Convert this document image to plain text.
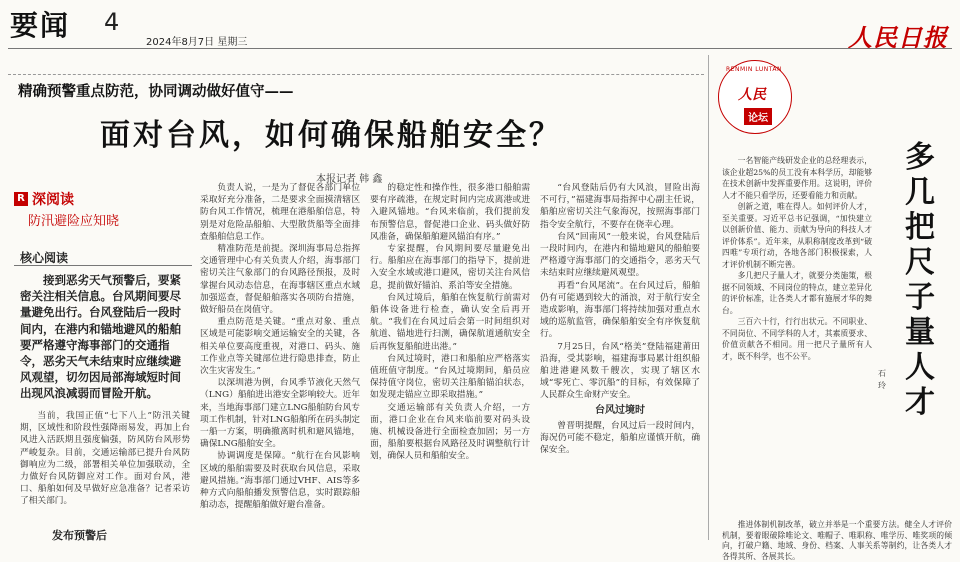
要闻 4
2024年8月7日 星期三	人民日报
精确预警重点防范，协同调动做好值守——
面对台风，如何确保船舶安全？
本报记者 韩 鑫
R 深阅读
防汛避险应知晓
核心阅读
接到恶劣天气预警后，要紧密关注相关信息。台风期间要尽量避免出行。台风登陆后一段时间内，在港内和锚地避风的船舶要严格遵守海事部门的交通指令，恶劣天气未结束时应继续避风观望，切勿因局部海域短时间出现风浪减弱而冒险开航。
当前，我国正值“七下八上”防汛关键期，区域性和阶段性强降雨易发，再加上台风进入活跃期且强度偏强，防风防台风形势严峻复杂。目前，交通运输部已提升台风防御响应为二级，部署相关单位加强联动，全力做好台风防御应对工作。面对台风，港口、船舶如何及早做好应急准备？记者采访了相关部门。
发布预警后

负责人说，一是为了督促各部门单位采取好充分准备，二是要求全面摸清辖区防台风工作情况，梳理在港船舶信息，特别是对危险品船舶、大型散货船等全面排查船舶信息工作。

精准防范是前提。深圳海事局总指挥交通管理中心有关负责人介绍，海事部门密切关注气象部门的台风路径预报，及时掌握台风动态信息，在海事辖区重点水域加强巡查，督促船舶落实各项防台措施，做好船员在岗值守。

重点防范是关键。“重点对象、重点区域是可能影响交通运输安全的关键，各相关单位要高度重视，对港口、码头、施工作业点等关键部位进行隐患排查，防止次生灾害发生。”

以深圳港为例，台风季节液化天然气（LNG）船舶进出港安全影响较大。近年来，当地海事部门建立LNG船舶防台风专项工作机制，针对LNG船舶所在码头制定一船一方案，明确撤离时机和避风锚地，确保LNG船舶安全。

协调调度是保障。“航行在台风影响区域的船舶需要及时获取台风信息，采取避风措施。”海事部门通过VHF、AIS等多种方式向船舶播发预警信息，实时跟踪船舶动态，提醒船舶做好避台准备。

的稳定性和操作性，很多港口船舶需要有序疏港，在规定时间内完成离港或进入避风锚地。“台风来临前，我们提前发布预警信息，督促港口企业、码头做好防风准备，确保船舶避风锚泊有序。”

专家提醒，台风期间要尽量避免出行。船舶应在海事部门的指导下，提前进入安全水域或港口避风，密切关注台风信息，提前做好锚泊、系泊等安全措施。

台风过境后，船舶在恢复航行前需对船体设备进行检查，确认安全后再开航。“我们在台风过后会第一时间组织对航道、锚地进行扫测，确保航道通航安全后再恢复船舶进出港。”

台风过境时，港口和船舶应严格落实值班值守制度。“台风过境期间，船员应保持值守岗位，密切关注船舶锚泊状态，如发现走锚应立即采取措施。”

交通运输部有关负责人介绍，一方面，港口企业在台风来临前要对码头设施、机械设备进行全面检查加固；另一方面，船舶要根据台风路径及时调整航行计划，确保人员和船舶安全。

“台风登陆后仍有大风浪，冒险出海不可行，”福建海事局指挥中心副主任说，船舶应密切关注气象海况，按照海事部门指令安全航行，不要存在侥幸心理。

台风“回南风”一般来说，台风登陆后一段时间内，在港内和锚地避风的船舶要严格遵守海事部门的交通指令，恶劣天气未结束时应继续避风观望。

再看“台风尾流”。在台风过后，船舶仍有可能遇到较大的涌浪，对于航行安全造成影响，海事部门将持续加强对重点水域的巡航监管，确保船舶安全有序恢复航行。

7月25日，台风“格美”登陆福建莆田沿海，受其影响，福建海事局累计组织船舶进港避风数千艘次，实现了辖区水域“零死亡、零沉船”的目标，有效保障了人民群众生命财产安全。

台风过境时

曾晋明提醒，台风过后一段时间内，海况仍可能不稳定，船舶应谨慎开航，确保安全。

RENMIN LUNTAN
人民
论坛
多几把尺子量人才
石 玲

一名智能产线研发企业的总经理表示，该企业超25%的员工没有本科学历，却能够在技术创新中发挥重要作用。这说明，评价人才不能只看学历，还要看能力和贡献。

创新之道，唯在得人。如何评价人才，至关重要。习近平总书记强调，“加快建立以创新价值、能力、贡献为导向的科技人才评价体系”。近年来，从职称制度改革到“破四唯”专项行动，各地各部门积极探索，人才评价机制不断完善。

多几把尺子量人才，就要分类施策，根据不同领域、不同岗位的特点，建立差异化的评价标准，让各类人才都有施展才华的舞台。

三百六十行，行行出状元。不同职业、不同岗位、不同学科的人才，其素质要求、价值贡献各不相同。用一把尺子量所有人才，既不科学，也不公平。

推进体制机制改革，破立并举是一个重要方法。健全人才评价机制，要着眼破除唯论文、唯帽子、唯职称、唯学历、唯奖项的倾向，打破户籍、地域、身份、档案、人事关系等制约，让各类人才各得其所、各展其长。
